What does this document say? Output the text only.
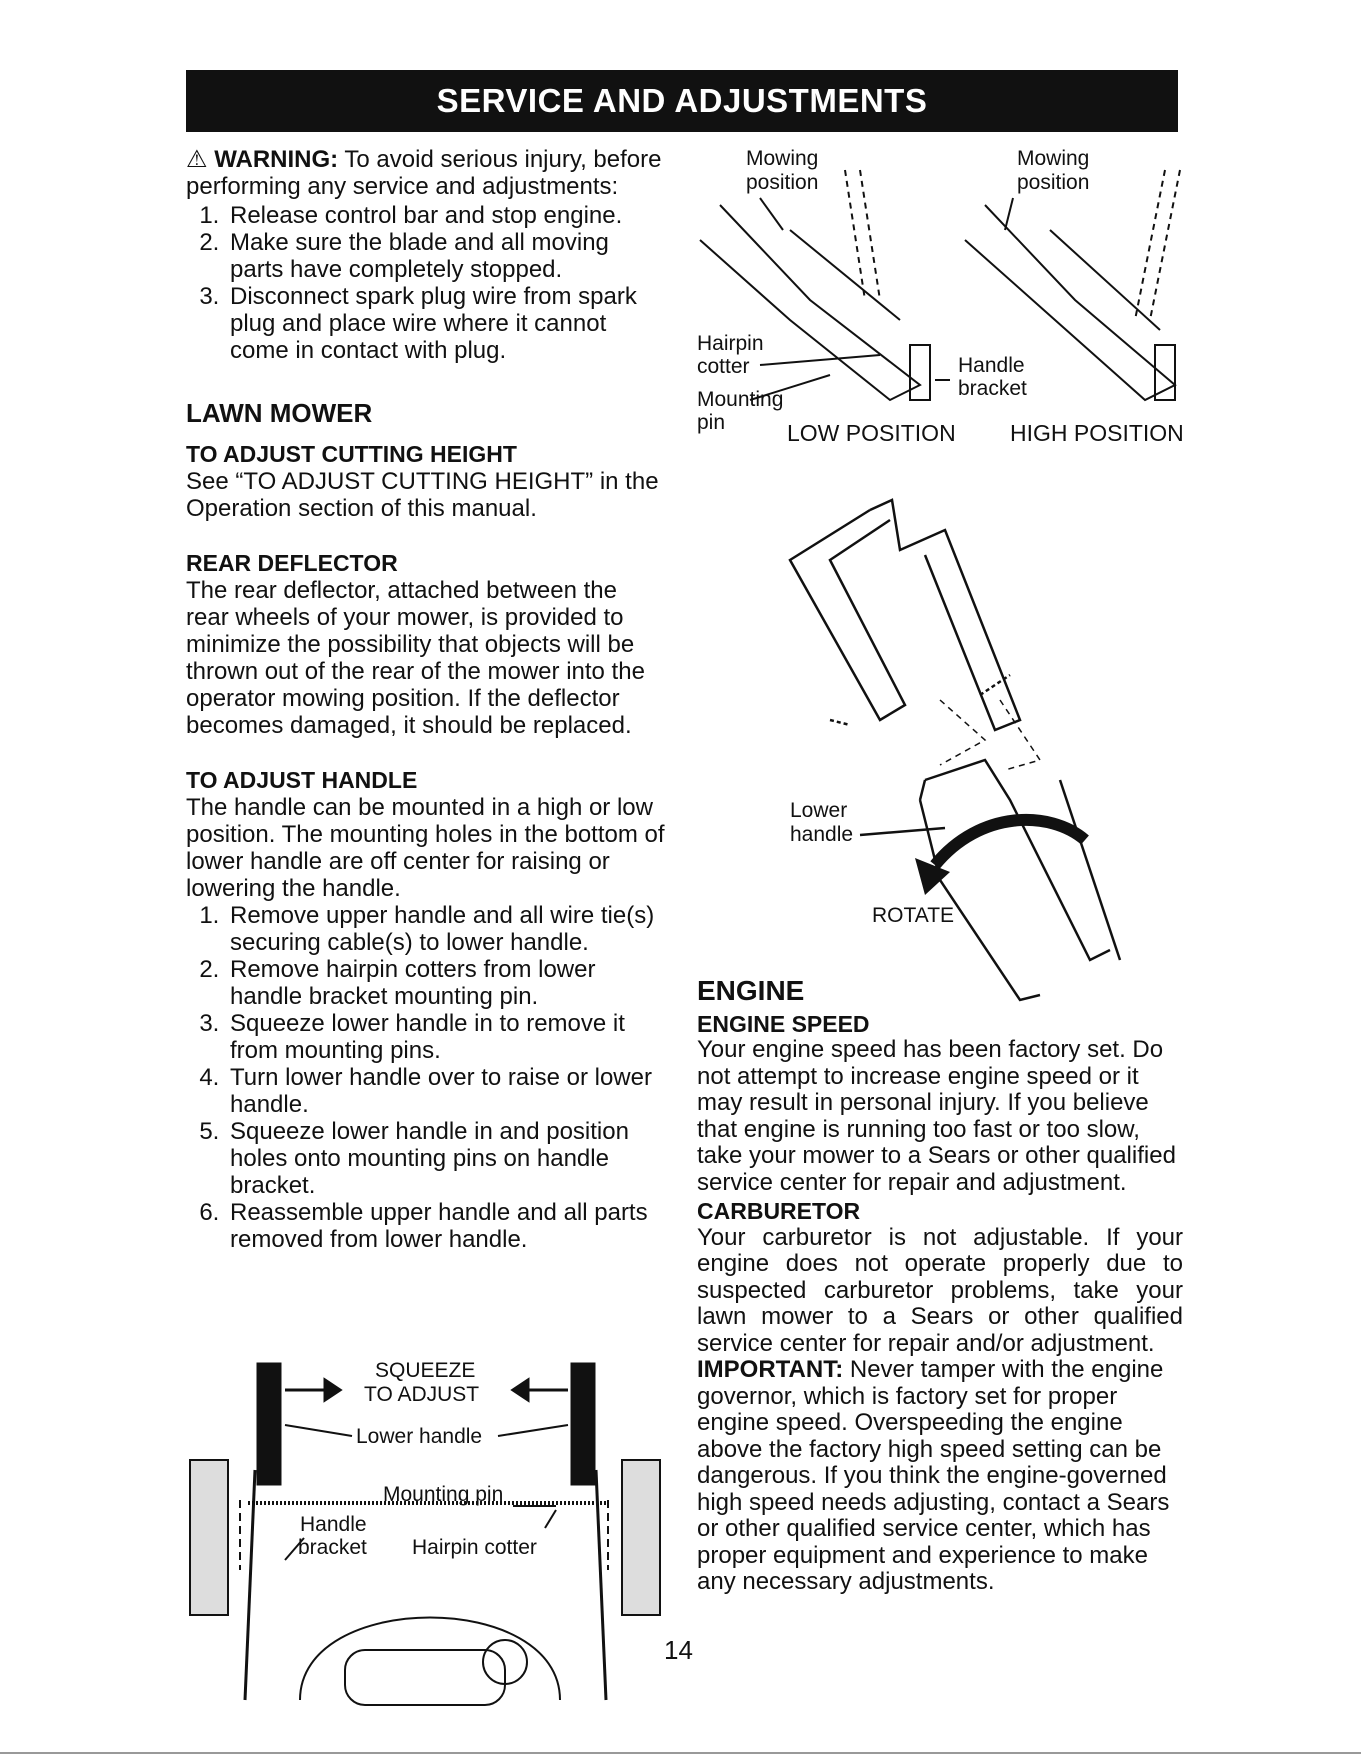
SERVICE AND ADJUSTMENTS

⚠ WARNING: To avoid serious injury, before performing any service and adjustments:

1. Release control bar and stop engine.
2. Make sure the blade and all moving parts have completely stopped.
3. Disconnect spark plug wire from spark plug and place wire where it cannot come in contact with plug.
LAWN MOWER
TO ADJUST CUTTING HEIGHT

See “TO ADJUST CUTTING HEIGHT” in the Operation section of this manual.

REAR DEFLECTOR

The rear deflector, attached between the rear wheels of your mower, is provided to minimize the possibility that objects will be thrown out of the rear of the mower into the operator mowing position. If the deflector becomes damaged, it should be replaced.

TO ADJUST HANDLE

The handle can be mounted in a high or low position. The mounting holes in the bottom of lower handle are off center for raising or lowering the handle.

1. Remove upper handle and all wire tie(s) securing cable(s) to lower handle.
2. Remove hairpin cotters from lower handle bracket mounting pin.
3. Squeeze lower handle in to remove it from mounting pins.
4. Turn lower handle over to raise or lower handle.
5. Squeeze lower handle in and position holes onto mounting pins on handle bracket.
6. Reassemble upper handle and all parts removed from lower handle.
SQUEEZE
TO ADJUST
Lower handle
Mounting pin
Handle
bracket Hairpin cotter
Mowing
position
Mowing
position
Hairpin
cotter
Mounting
pin
Handle
bracket
LOW POSITION HIGH POSITION
Lower
handle
ROTATE
ENGINE
ENGINE SPEED

Your engine speed has been factory set. Do not attempt to increase engine speed or it may result in personal injury. If you believe that engine is running too fast or too slow, take your mower to a Sears or other qualified service center for repair and adjustment.

CARBURETOR

Your carburetor is not adjustable. If your engine does not operate properly due to suspected carburetor problems, take your lawn mower to a Sears or other qualified service center for repair and/or adjustment.

IMPORTANT: Never tamper with the engine governor, which is factory set for proper engine speed. Overspeeding the engine above the factory high speed setting can be dangerous. If you think the engine-governed high speed needs adjusting, contact a Sears or other qualified service center, which has proper equipment and experience to make any necessary adjustments.

14
